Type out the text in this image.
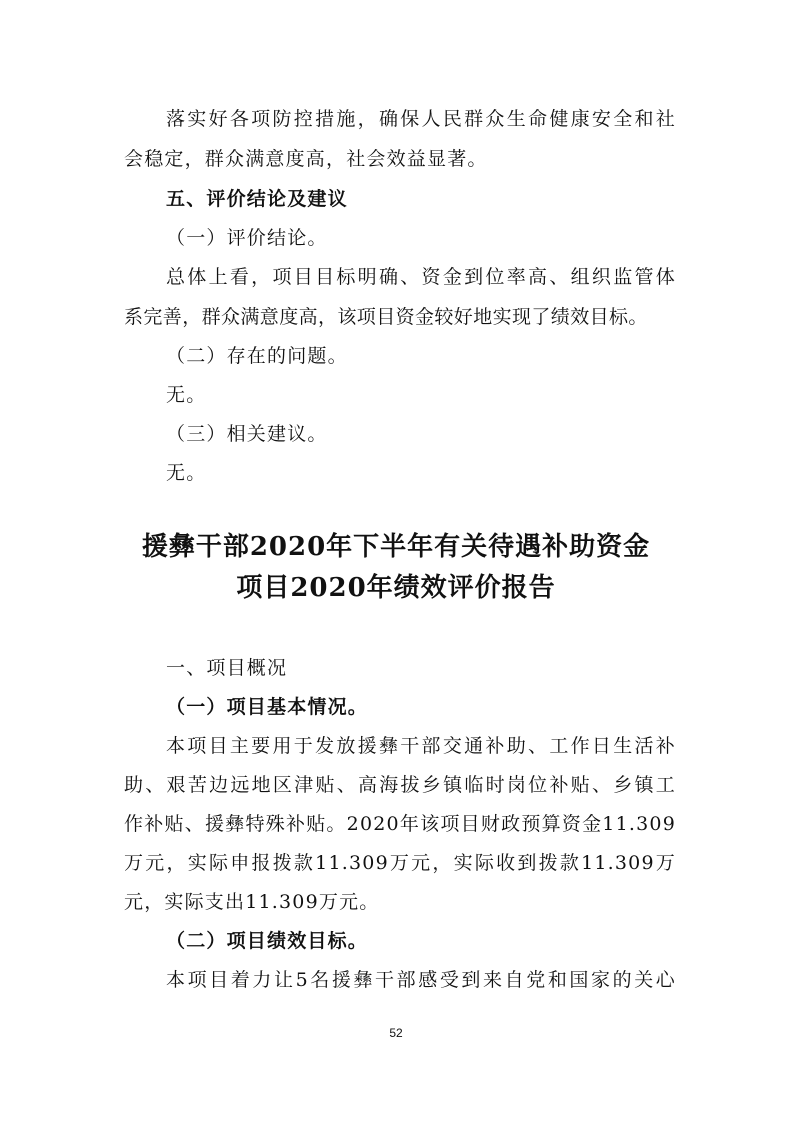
落实好各项防控措施，确保人民群众生命健康安全和社
会稳定，群众满意度高，社会效益显著。
五、评价结论及建议
（一）评价结论。
总体上看，项目目标明确、资金到位率高、组织监管体
系完善，群众满意度高，该项目资金较好地实现了绩效目标。
（二）存在的问题。
无。
（三）相关建议。
无。
援彝干部2020年下半年有关待遇补助资金
项目2020年绩效评价报告
一、项目概况
（一）项目基本情况。
本项目主要用于发放援彝干部交通补助、工作日生活补
助、艰苦边远地区津贴、高海拔乡镇临时岗位补贴、乡镇工
作补贴、援彝特殊补贴。2020年该项目财政预算资金11.309
万元，实际申报拨款11.309万元，实际收到拨款11.309万
元，实际支出11.309万元。
（二）项目绩效目标。
本项目着力让5名援彝干部感受到来自党和国家的关心
52
